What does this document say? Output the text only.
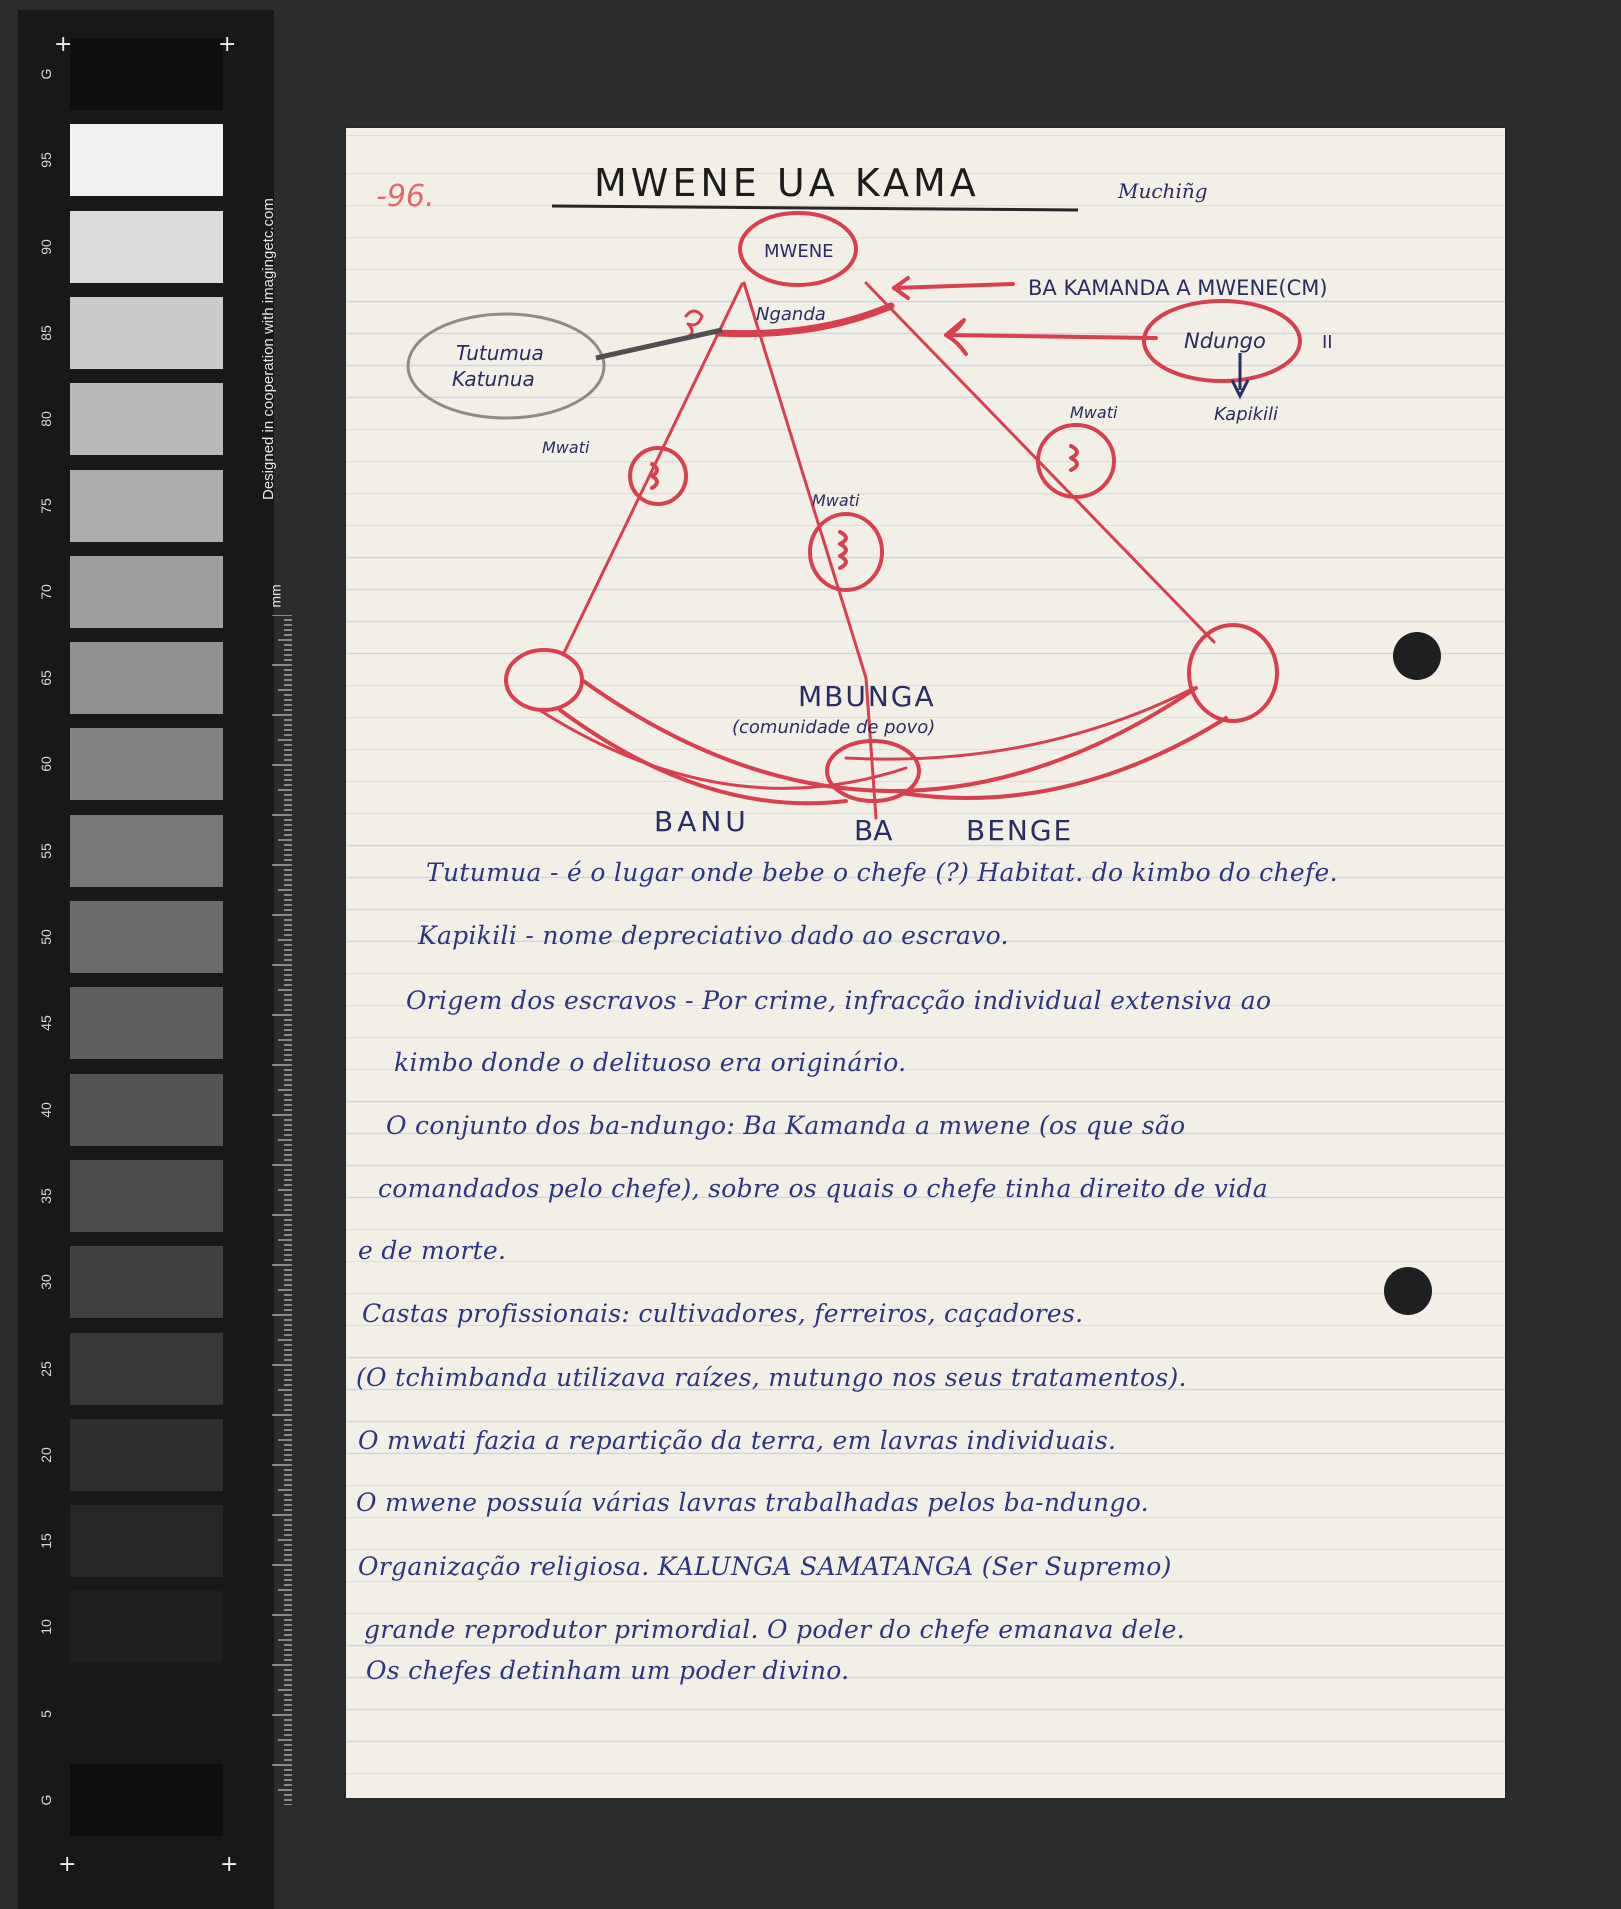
G
95
90
85
80
75
70
65
60
55
50
45
40
35
30
25
20
15
10
5
G
+	+
+	+
Designed in cooperation with imagingetc.com
mm
-96.	MWENE UA KAMA	Muchiñg
MWENE
Nganda
BA KAMANDA A MWENE(CM)
Ndungo	II
Kapikili
Tutumua
Katunua
Mwati
Mwati
Mwati
MBUNGA
(comunidade de povo)
BANU	BA	BENGE
Tutumua - é o lugar onde bebe o chefe (?) Habitat. do kimbo do chefe.
Kapikili - nome depreciativo dado ao escravo.
Origem dos escravos - Por crime, infracção individual extensiva ao
kimbo donde o delituoso era originário.
O conjunto dos ba-ndungo: Ba Kamanda a mwene (os que são
comandados pelo chefe), sobre os quais o chefe tinha direito de vida
e de morte.
Castas profissionais: cultivadores, ferreiros, caçadores.
(O tchimbanda utilizava raízes, mutungo nos seus tratamentos).
O mwati fazia a repartição da terra, em lavras individuais.
O mwene possuía várias lavras trabalhadas pelos ba-ndungo.
Organização religiosa. KALUNGA SAMATANGA (Ser Supremo)
grande reprodutor primordial. O poder do chefe emanava dele.
Os chefes detinham um poder divino.
